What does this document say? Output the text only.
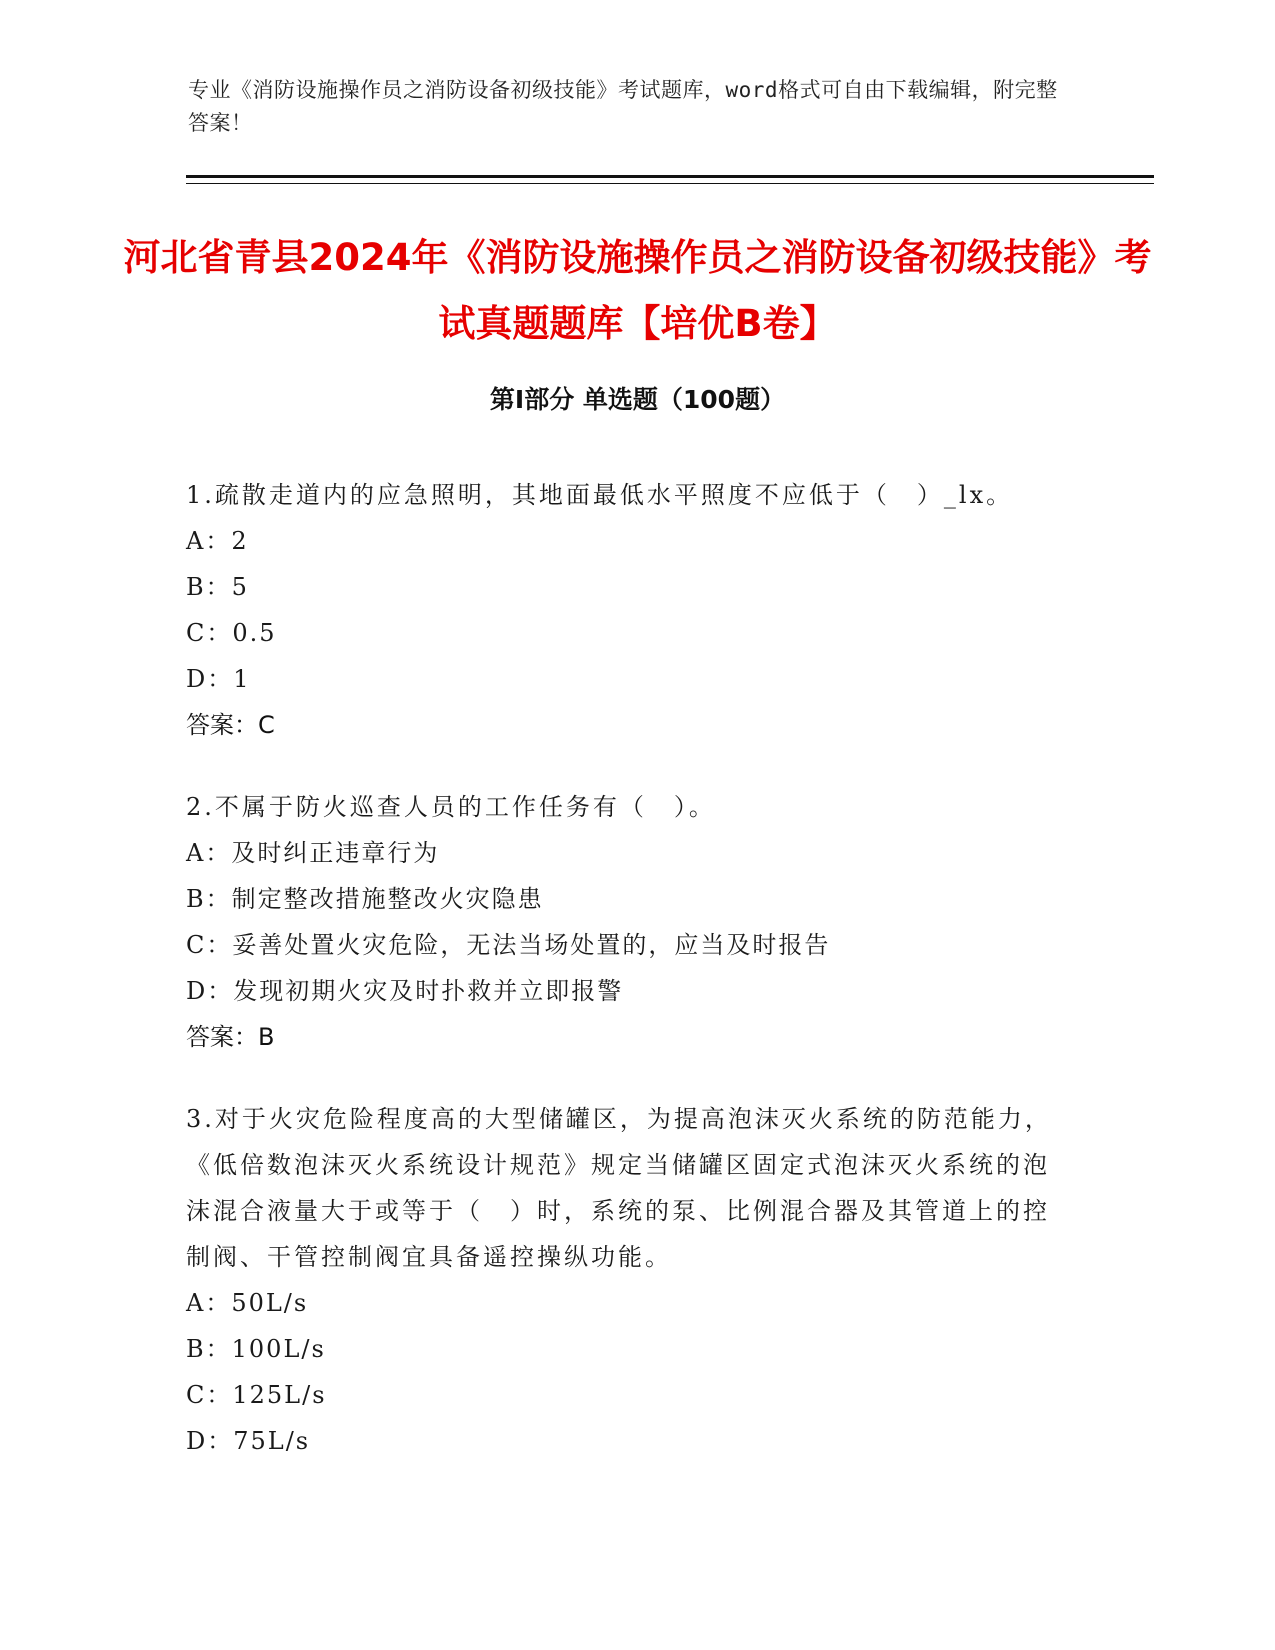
专业《消防设施操作员之消防设备初级技能》考试题库，word格式可自由下载编辑，附完整答案！
河北省青县2024年《消防设施操作员之消防设备初级技能》考试真题题库【培优B卷】
第Ⅰ部分 单选题（100题）
1.疏散走道内的应急照明，其地面最低水平照度不应低于（　）_lx。
A：2
B：5
C：0.5
D：1
答案：C
2.不属于防火巡查人员的工作任务有（　）。
A：及时纠正违章行为
B：制定整改措施整改火灾隐患
C：妥善处置火灾危险，无法当场处置的，应当及时报告
D：发现初期火灾及时扑救并立即报警
答案：B
3.对于火灾危险程度高的大型储罐区，为提高泡沫灭火系统的防范能力，《低倍数泡沫灭火系统设计规范》规定当储罐区固定式泡沫灭火系统的泡沫混合液量大于或等于（　）时，系统的泵、比例混合器及其管道上的控制阀、干管控制阀宜具备遥控操纵功能。
A：50L/s
B：100L/s
C：125L/s
D：75L/s
